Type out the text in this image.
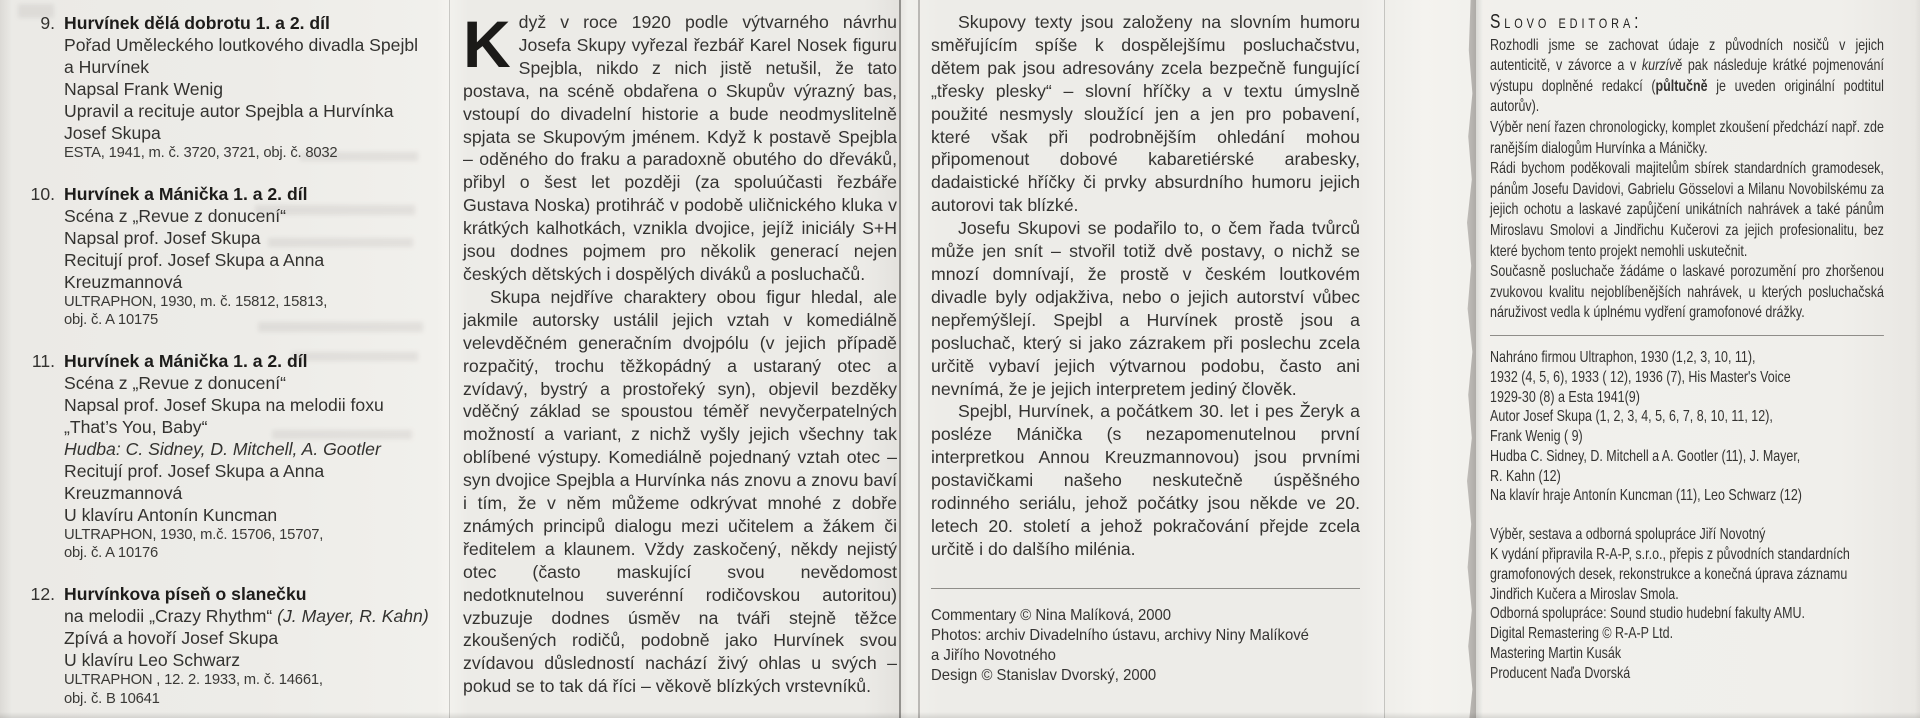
9. Hurvínek dělá dobrotu 1. a 2. díl
Pořad Uměleckého loutkového divadla Spejbl
a Hurvínek
Napsal Frank Wenig
Upravil a recituje autor Spejbla a Hurvínka
Josef Skupa
ESTA, 1941, m. č. 3720, 3721, obj. č. 8032
10. Hurvínek a Mánička 1. a 2. díl
Scéna z „Revue z donucení“
Napsal prof. Josef Skupa
Recitují prof. Josef Skupa a Anna
Kreuzmannová
ULTRAPHON, 1930, m. č. 15812, 15813,
obj. č. A 10175
11. Hurvínek a Mánička 1. a 2. díl
Scéna z „Revue z donucení“
Napsal prof. Josef Skupa na melodii foxu
„That’s You, Baby“
Hudba: C. Sidney, D. Mitchell, A. Gootler
Recitují prof. Josef Skupa a Anna
Kreuzmannová
U klavíru Antonín Kuncman
ULTRAPHON, 1930, m.č. 15706, 15707,
obj. č. A 10176
12. Hurvínkova píseň o slanečku
na melodii „Crazy Rhythm“ (J. Mayer, R. Kahn)
Zpívá a hovoří Josef Skupa
U klavíru Leo Schwarz
ULTRAPHON , 12. 2. 1933, m. č. 14661,
obj. č. B 10641

Když v roce 1920 podle výtvarného návrhu Josefa Skupy vyřezal řezbář Karel Nosek figuru Spejbla, nikdo z nich jistě netušil, že tato postava, na scéně obdařena o Skupův výrazný bas, vstoupí do divadelní historie a bude neodmyslitelně spjata se Skupovým jménem. Když k postavě Spejbla – oděného do fraku a paradoxně obutého do dřeváků, přibyl o šest let později (za spoluúčasti řezbáře Gustava Noska) protihráč v podobě uličnického kluka v krátkých kalhotkách, vznikla dvojice, jejíž iniciály S+H jsou dodnes pojmem pro několik generací nejen českých dětských i dospělých diváků a posluchačů.

Skupa nejdříve charaktery obou figur hledal, ale jakmile autorsky ustálil jejich vztah v komediálně velevděčném generačním dvojpólu (v jejich případě rozpačitý, trochu těžkopádný a ustaraný otec a zvídavý, bystrý a prostořeký syn), objevil bezděky vděčný základ se spoustou téměř nevyčerpatelných možností a variant, z nichž vyšly jejich všechny tak oblíbené výstupy. Komediálně pojednaný vztah otec – syn dvojice Spejbla a Hurvínka nás znovu a znovu baví i tím, že v něm můžeme odkrývat mnohé z dobře známých principů dialogu mezi učitelem a žákem či ředitelem a klaunem. Vždy zaskočený, někdy nejistý otec (často maskující svou nevědomost nedotknutelnou suverénní rodičovskou autoritou) vzbuzuje dodnes úsměv na tváři stejně těžce zkoušených rodičů, podobně jako Hurvínek svou zvídavou důsledností nachází živý ohlas u svých – pokud se to tak dá říci – věkově blízkých vrstevníků.

Skupovy texty jsou založeny na slovním humoru směřujícím spíše k dospělejšímu posluchačstvu, dětem pak jsou adresovány zcela bezpečně fungující „třesky plesky“ – slovní hříčky a v textu úmyslně použité nesmysly sloužící jen a jen pro pobavení, které však při podrobnějším ohledání mohou připomenout dobové kabaretiérské arabesky, dadaistické hříčky či prvky absurdního humoru jejich autorovi tak blízké.

Josefu Skupovi se podařilo to, o čem řada tvůrců může jen snít – stvořil totiž dvě postavy, o nichž se mnozí domnívají, že prostě v českém loutkovém divadle byly odjakživa, nebo o jejich autorství vůbec nepřemýšlejí. Spejbl a Hurvínek prostě jsou a posluchač, který si jako zázrakem při poslechu zcela určitě vybaví jejich výtvarnou podobu, často ani nevnímá, že je jejich interpretem jediný člověk.

Spejbl, Hurvínek, a počátkem 30. let i pes Žeryk a posléze Mánička (s nezapomenutelnou první interpretkou Annou Kreuzmannovou) jsou prvními postavičkami našeho neskutečně úspěšného rodinného seriálu, jehož počátky jsou někde ve 20. letech 20. století a jehož pokračování přejde zcela určitě i do dalšího milénia.

Commentary © Nina Malíková, 2000
Photos: archiv Divadelního ústavu, archivy Niny Malíkové
a Jiřího Novotného
Design © Stanislav Dvorský, 2000
Slovo editora:

Rozhodli jsme se zachovat údaje z původních nosičů v jejich autenticitě, v závorce a v kurzívě pak následuje krátké pojmenování výstupu doplněné redakcí (půltučně je uveden originální podtitul autorův).

Výběr není řazen chronologicky, komplet zkoušení předchází např. zde ranějším dialogům Hurvínka a Máničky.

Rádi bychom poděkovali majitelům sbírek standardních gramodesek, pánům Josefu Davidovi, Gabrielu Gösselovi a Milanu Novobilskému za jejich ochotu a laskavé zapůjčení unikátních nahrávek a také pánům Miroslavu Smolovi a Jindřichu Kučerovi za jejich profesionalitu, bez které bychom tento projekt nemohli uskutečnit.

Současně posluchače žádáme o laskavé porozumění pro zhoršenou zvukovou kvalitu nejoblíbenějších nahrávek, u kterých posluchačská náruživost vedla k úplnému vydření gramofonové drážky.

Nahráno firmou Ultraphon, 1930 (1,2, 3, 10, 11),
1932 (4, 5, 6), 1933 ( 12), 1936 (7), His Master's Voice
1929-30 (8) a Esta 1941(9)
Autor Josef Skupa (1, 2, 3, 4, 5, 6, 7, 8, 10, 11, 12),
Frank Wenig ( 9)
Hudba C. Sidney, D. Mitchell a A. Gootler (11), J. Mayer,
R. Kahn (12)
Na klavír hraje Antonín Kuncman (11), Leo Schwarz (12)
Výběr, sestava a odborná spolupráce Jiří Novotný
K vydání připravila R-A-P, s.r.o., přepis z původních standardních
gramofonových desek, rekonstrukce a konečná úprava záznamu
Jindřich Kučera a Miroslav Smola.
Odborná spolupráce: Sound studio hudební fakulty AMU.
Digital Remastering © R-A-P Ltd.
Mastering Martin Kusák
Producent Naďa Dvorská
